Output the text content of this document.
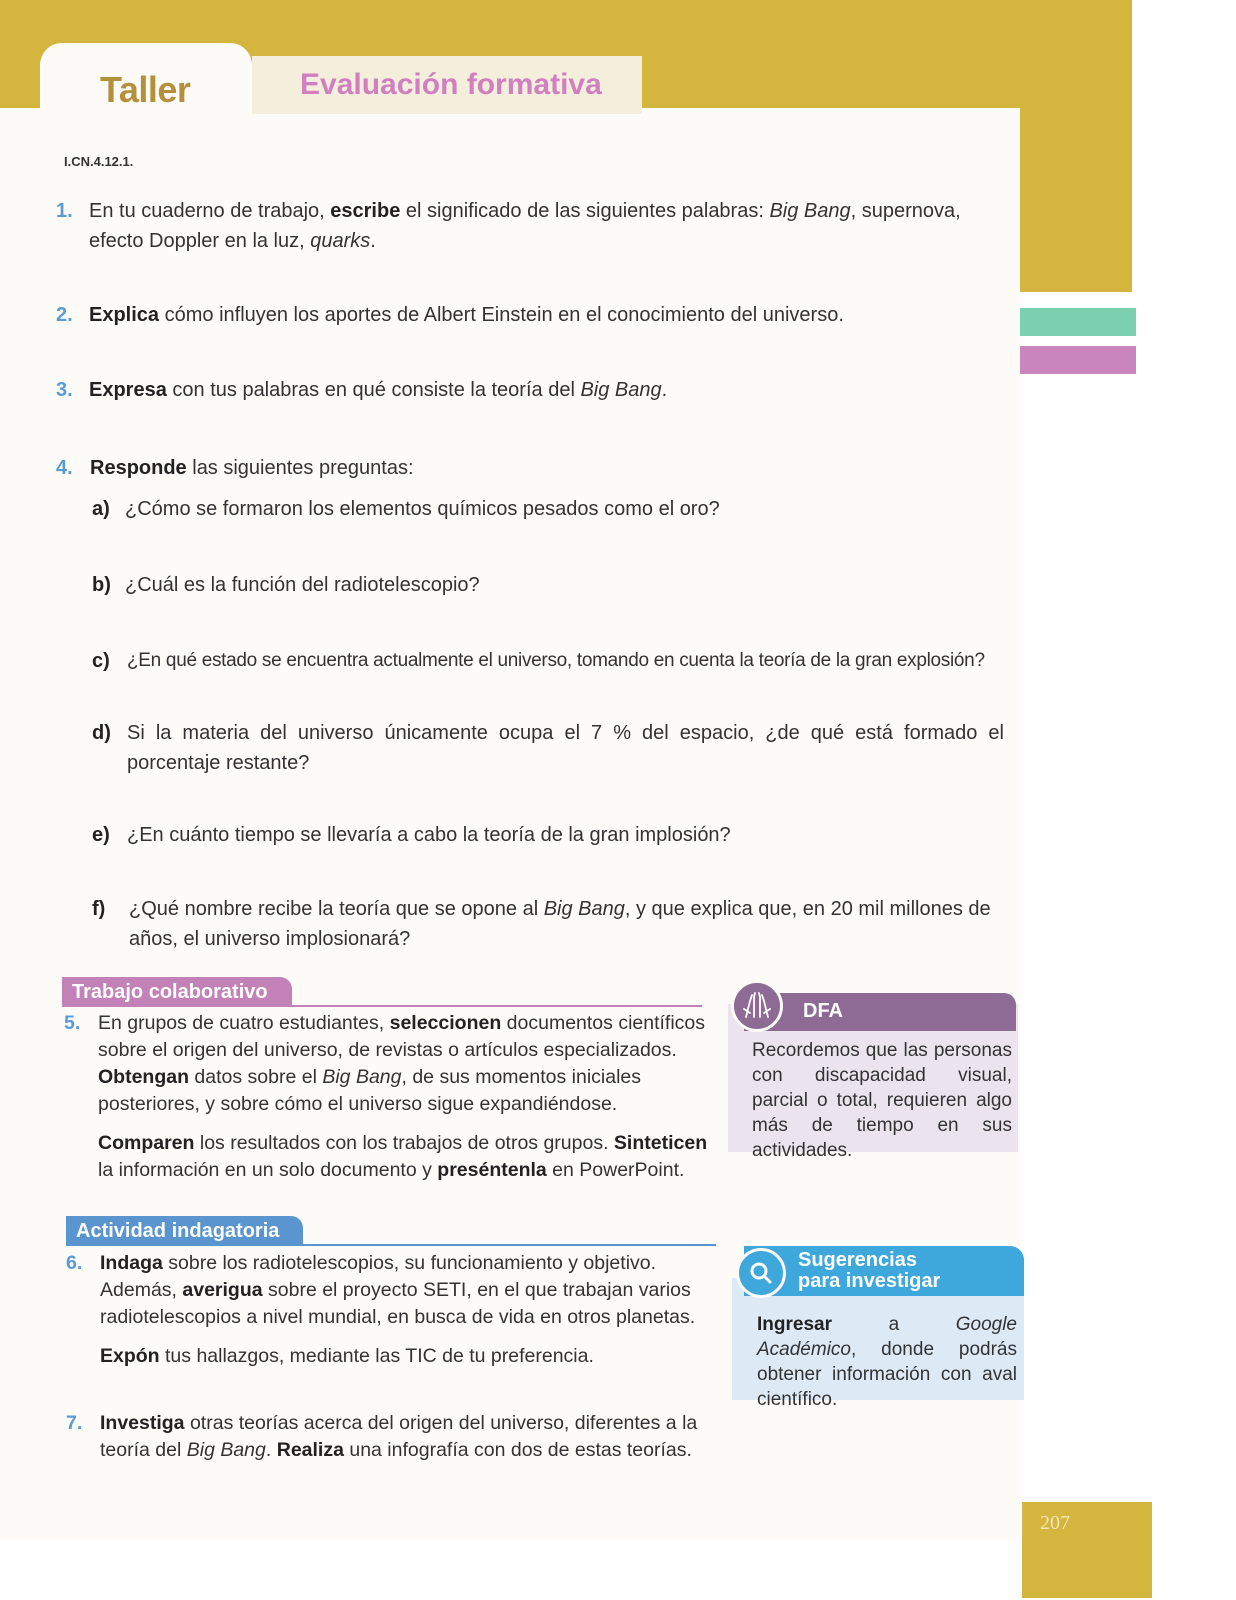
207
Taller	Evaluación formativa
I.CN.4.12.1.
1. En tu cuaderno de trabajo, escribe el significado de las siguientes palabras: Big Bang, supernova, efecto Doppler en la luz, quarks.
2. Explica cómo influyen los aportes de Albert Einstein en el conocimiento del universo.
3. Expresa con tus palabras en qué consiste la teoría del Big Bang.
4. Responde las siguientes preguntas:
a) ¿Cómo se formaron los elementos químicos pesados como el oro?
b) ¿Cuál es la función del radiotelescopio?
c) ¿En qué estado se encuentra actualmente el universo, tomando en cuenta la teoría de la gran explosión?
d) Si la materia del universo únicamente ocupa el 7 % del espacio, ¿de qué está formado el porcentaje restante?
e) ¿En cuánto tiempo se llevaría a cabo la teoría de la gran implosión?
f)	¿Qué nombre recibe la teoría que se opone al Big Bang, y que explica que, en 20 mil millones de años, el universo implosionará?
Trabajo colaborativo
5. En grupos de cuatro estudiantes, seleccionen documentos científicos sobre el origen del universo, de revistas o artículos especializados. Obtengan datos sobre el Big Bang, de sus momentos iniciales posteriores, y sobre cómo el universo sigue expandiéndose.
Comparen los resultados con los trabajos de otros grupos. Sinteticen la información en un solo documento y preséntenla en PowerPoint.
DFA
Recordemos que las personas con discapacidad visual, parcial o total, requieren algo más de tiempo en sus actividades.
Actividad indagatoria
6. Indaga sobre los radiotelescopios, su funcionamiento y objetivo. Además, averigua sobre el proyecto SETI, en el que trabajan varios radiotelescopios a nivel mundial, en busca de vida en otros planetas.
Expón tus hallazgos, mediante las TIC de tu preferencia.
Sugerencias
para investigar
Ingresar a Google Académico, donde podrás obtener información con aval científico.
7. Investiga otras teorías acerca del origen del universo, diferentes a la teoría del Big Bang. Realiza una infografía con dos de estas teorías.
